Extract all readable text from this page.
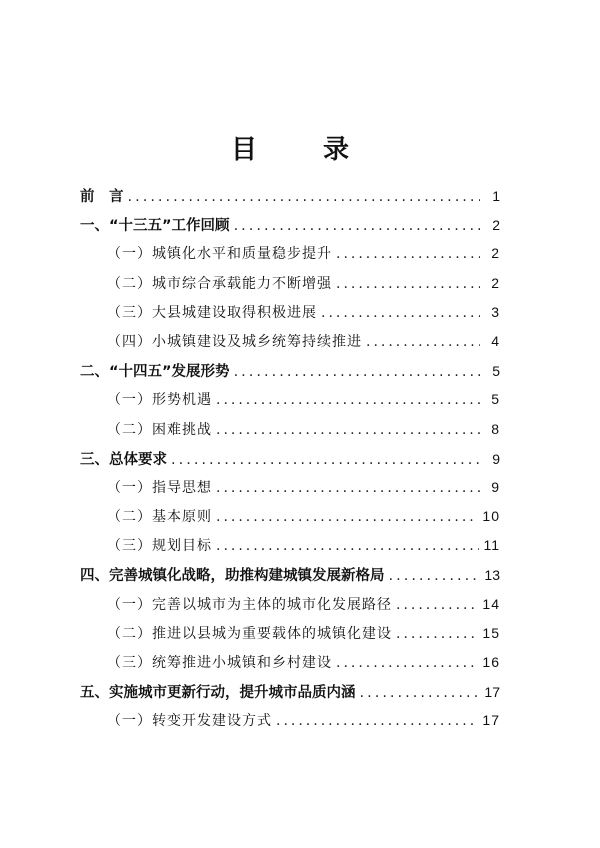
目　录
前　言 .....	1
一、“十三五”工作回顾 .....	2
（一）城镇化水平和质量稳步提升 .....	2
（二）城市综合承载能力不断增强 .....	2
（三）大县城建设取得积极进展 .....	3
（四）小城镇建设及城乡统筹持续推进 .....	4
二、“十四五”发展形势 .....	5
（一）形势机遇 .....	5
（二）困难挑战 .....	8
三、总体要求 .....	9
（一）指导思想 .....	9
（二）基本原则 .....	10
（三）规划目标 .....	11
四、完善城镇化战略，助推构建城镇发展新格局 .....	13
（一）完善以城市为主体的城市化发展路径 .....	14
（二）推进以县城为重要载体的城镇化建设 .....	15
（三）统筹推进小城镇和乡村建设 .....	16
五、实施城市更新行动，提升城市品质内涵 .....	17
（一）转变开发建设方式 .....	17
